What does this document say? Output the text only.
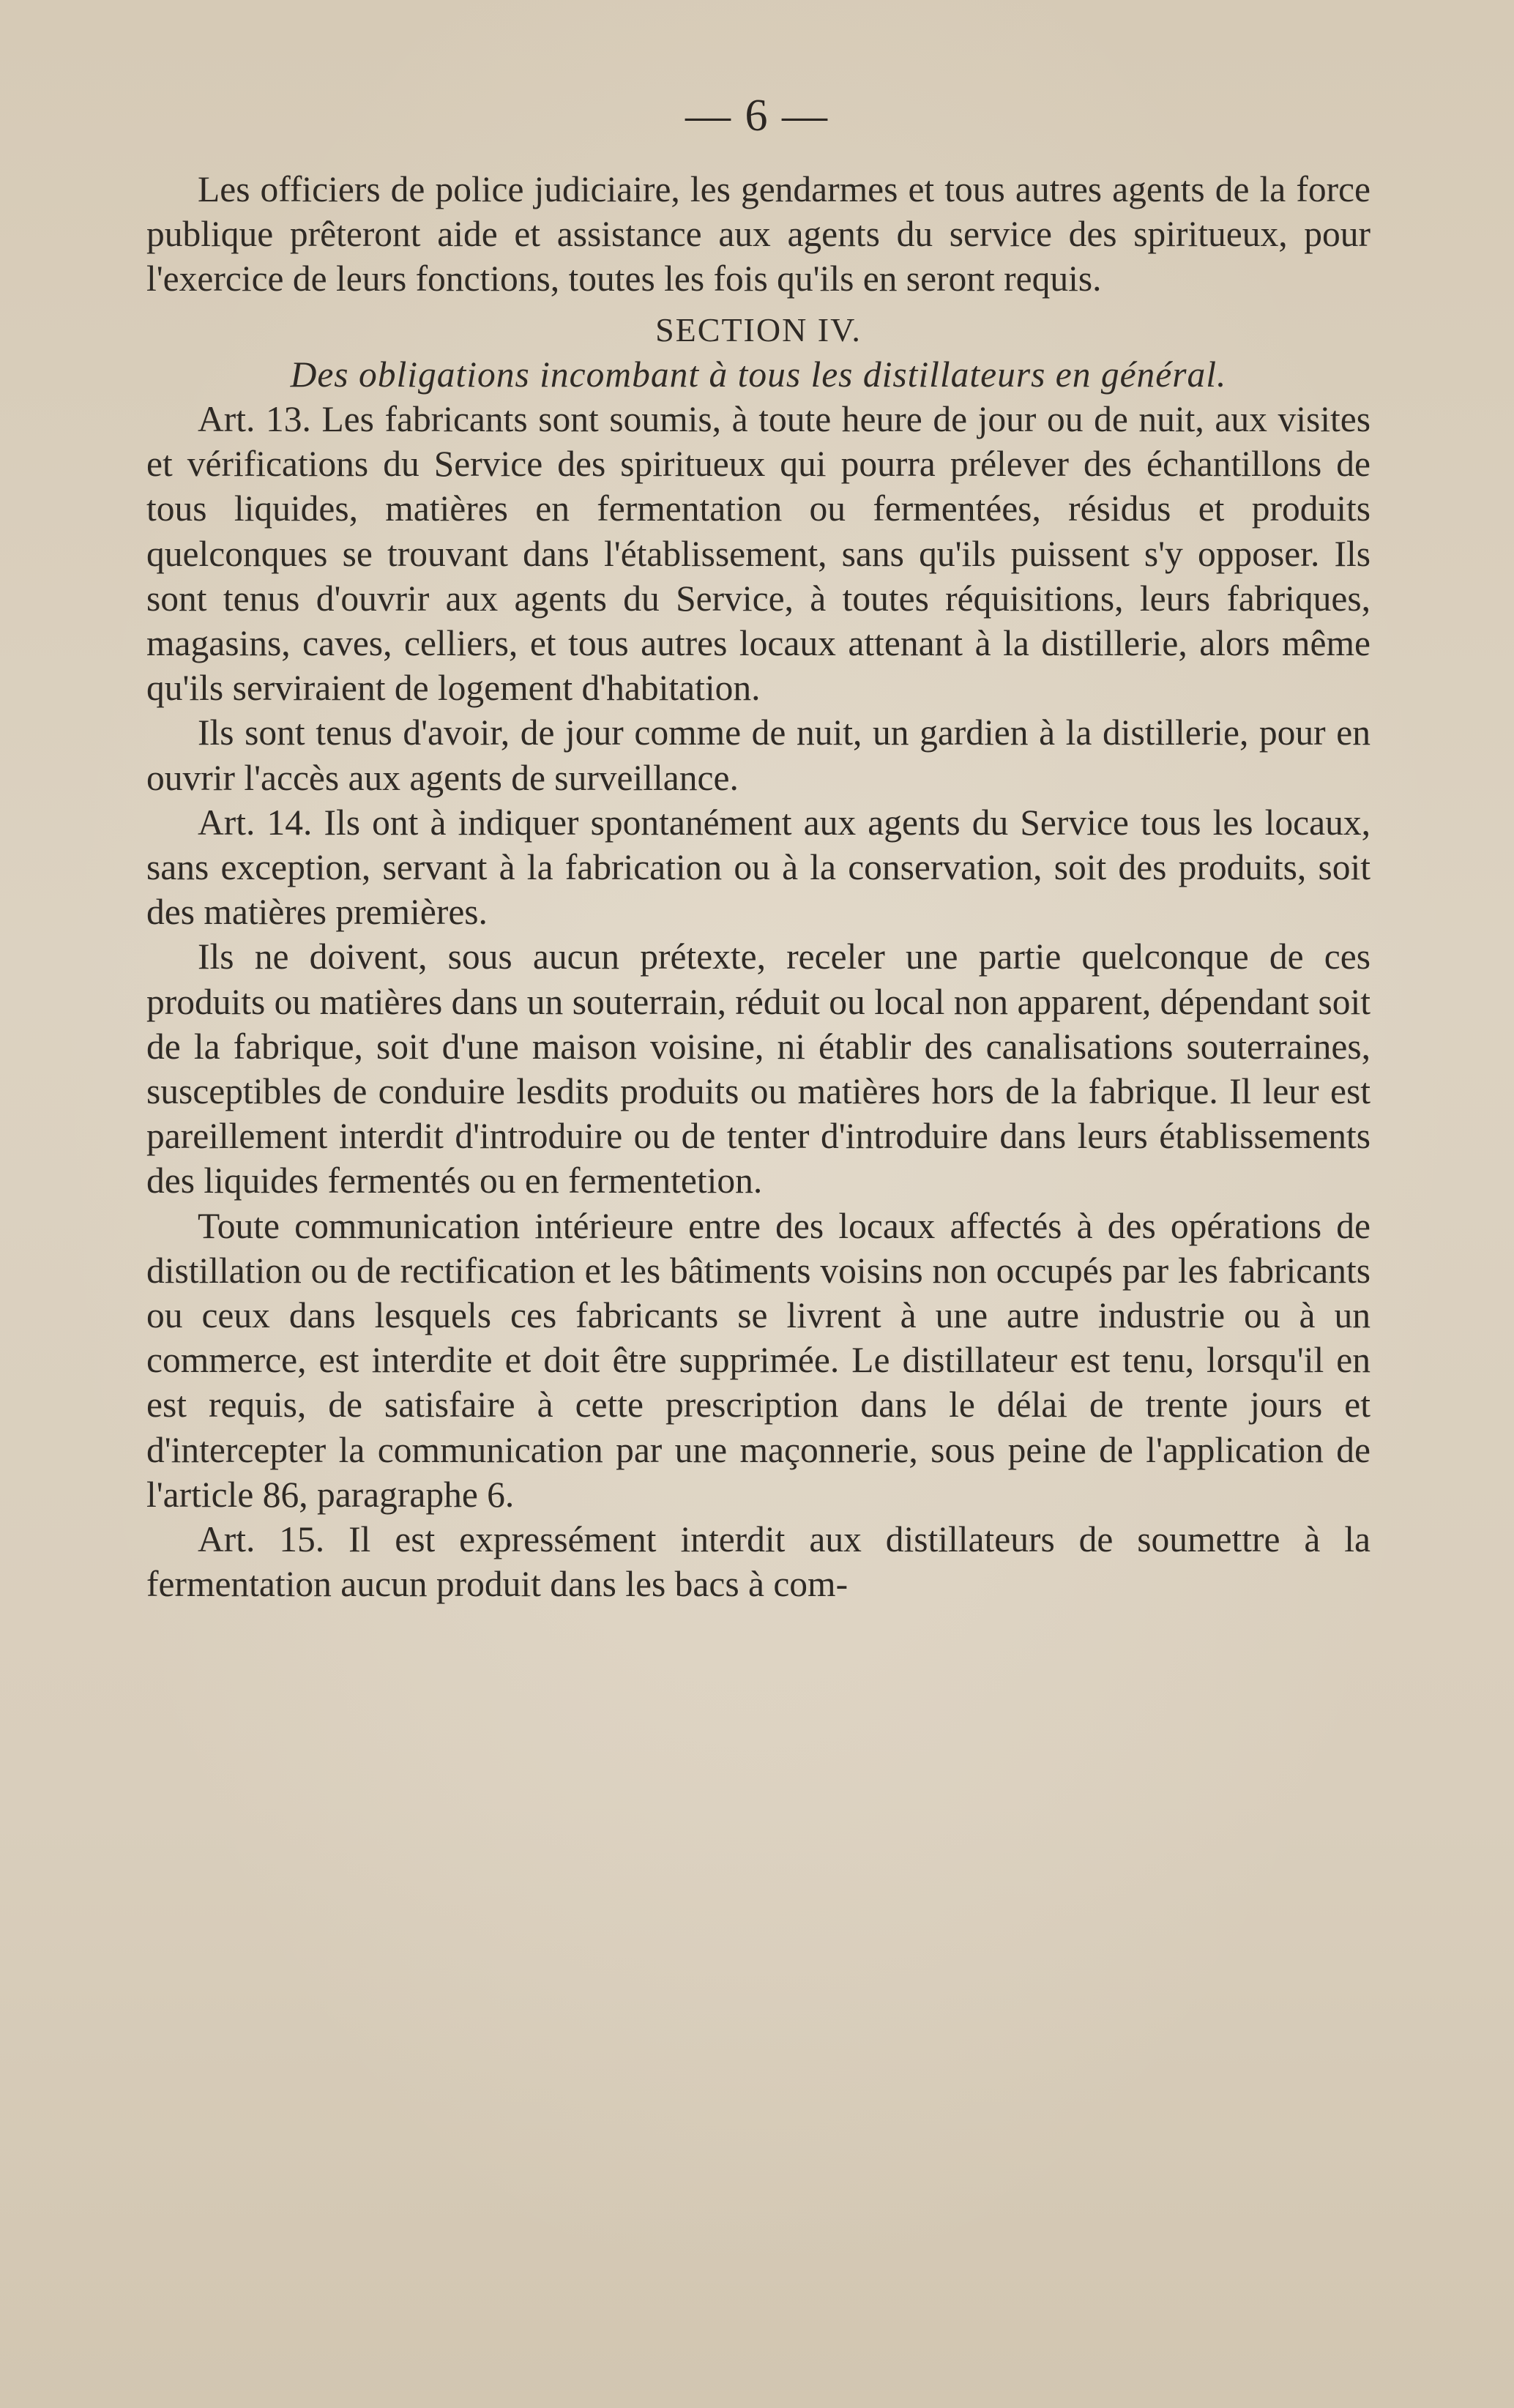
— 6 —

Les officiers de police judiciaire, les gendarmes et tous autres agents de la force publique prêteront aide et assistance aux agents du service des spiritueux, pour l'exercice de leurs fonctions, toutes les fois qu'ils en seront requis.

SECTION IV.

Des obligations incombant à tous les distillateurs en général.

Art. 13. Les fabricants sont soumis, à toute heure de jour ou de nuit, aux visites et vérifications du Service des spiritueux qui pourra prélever des échantillons de tous liquides, matières en fermentation ou fermentées, résidus et produits quelconques se trouvant dans l'établissement, sans qu'ils puissent s'y opposer. Ils sont tenus d'ouvrir aux agents du Service, à toutes réquisitions, leurs fabriques, magasins, caves, celliers, et tous autres locaux attenant à la distillerie, alors même qu'ils serviraient de logement d'habitation.

Ils sont tenus d'avoir, de jour comme de nuit, un gardien à la distillerie, pour en ouvrir l'accès aux agents de surveillance.

Art. 14. Ils ont à indiquer spontanément aux agents du Service tous les locaux, sans exception, servant à la fabrication ou à la conservation, soit des produits, soit des matières premières.

Ils ne doivent, sous aucun prétexte, receler une partie quelconque de ces produits ou matières dans un souterrain, réduit ou local non apparent, dépendant soit de la fabrique, soit d'une maison voisine, ni établir des canalisations souterraines, susceptibles de conduire lesdits produits ou matières hors de la fabrique. Il leur est pareillement interdit d'introduire ou de tenter d'introduire dans leurs établissements des liquides fermentés ou en fermentetion.

Toute communication intérieure entre des locaux affectés à des opérations de distillation ou de rectification et les bâtiments voisins non occupés par les fabricants ou ceux dans lesquels ces fabricants se livrent à une autre industrie ou à un commerce, est interdite et doit être supprimée. Le distillateur est tenu, lorsqu'il en est requis, de satisfaire à cette prescription dans le délai de trente jours et d'intercepter la communication par une maçonnerie, sous peine de l'application de l'article 86, paragraphe 6.

Art. 15. Il est expressément interdit aux distillateurs de soumettre à la fermentation aucun produit dans les bacs à com-
